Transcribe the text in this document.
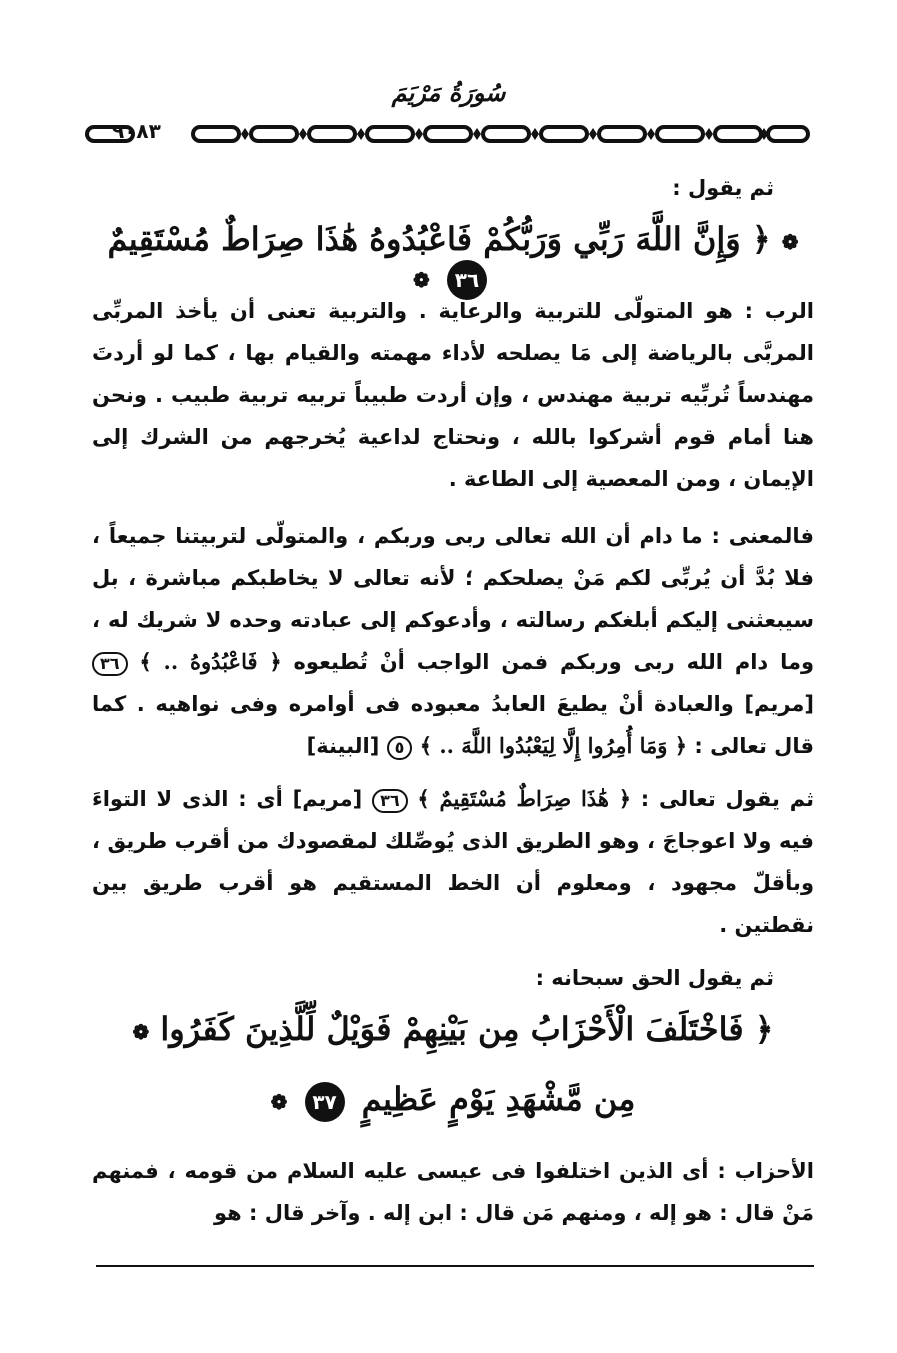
سُورَةُ مَرْيَمَ
٩٠٨٣
ثم يقول :
❁ ﴿ وَإِنَّ اللَّهَ رَبِّي وَرَبُّكُمْ فَاعْبُدُوهُ هَٰذَا صِرَاطٌ مُسْتَقِيمٌ ٣٦ ❁

الرب : هو المتولّى للتربية والرعاية . والتربية تعنى أن يأخذ المربِّى المربَّى بالرياضة إلى مَا يصلحه لأداء مهمته والقيام بها ، كما لو أردتَ مهندساً تُربِّيه تربية مهندس ، وإن أردت طبيباً تربيه تربية طبيب . ونحن هنا أمام قوم أشركوا بالله ، ونحتاج لداعية يُخرجهم من الشرك إلى الإيمان ، ومن المعصية إلى الطاعة .

فالمعنى : ما دام أن الله تعالى ربى وربكم ، والمتولّى لتربيتنا جميعاً ، فلا بُدَّ أن يُربِّى لكم مَنْ يصلحكم ؛ لأنه تعالى لا يخاطبكم مباشرة ، بل سيبعثنى إليكم أبلغكم رسالته ، وأدعوكم إلى عبادته وحده لا شريك له ، وما دام الله ربى وربكم فمن الواجب أنْ تُطيعوه ﴿ فَاعْبُدُوهُ .. ﴾ ٣٦ [مريم] والعبادة أنْ يطيعَ العابدُ معبوده فى أوامره وفى نواهيه . كما قال تعالى : ﴿ وَمَا أُمِرُوا إِلَّا لِيَعْبُدُوا اللَّهَ .. ﴾ ٥ [البينة]

ثم يقول تعالى : ﴿ هَٰذَا صِرَاطٌ مُسْتَقِيمٌ ﴾ ٣٦ [مريم] أى : الذى لا التواءَ فيه ولا اعوجاجَ ، وهو الطريق الذى يُوصِّلك لمقصودك من أقرب طريق ، وبأقلّ مجهود ، ومعلوم أن الخط المستقيم هو أقرب طريق بين نقطتين .

ثم يقول الحق سبحانه :
﴿ فَاخْتَلَفَ الْأَحْزَابُ مِن بَيْنِهِمْ فَوَيْلٌ لِّلَّذِينَ كَفَرُوا ❁
مِن مَّشْهَدِ يَوْمٍ عَظِيمٍ ٣٧ ❁

الأحزاب : أى الذين اختلفوا فى عيسى عليه السلام من قومه ، فمنهم مَنْ قال : هو إله ، ومنهم مَن قال : ابن إله . وآخر قال : هو
